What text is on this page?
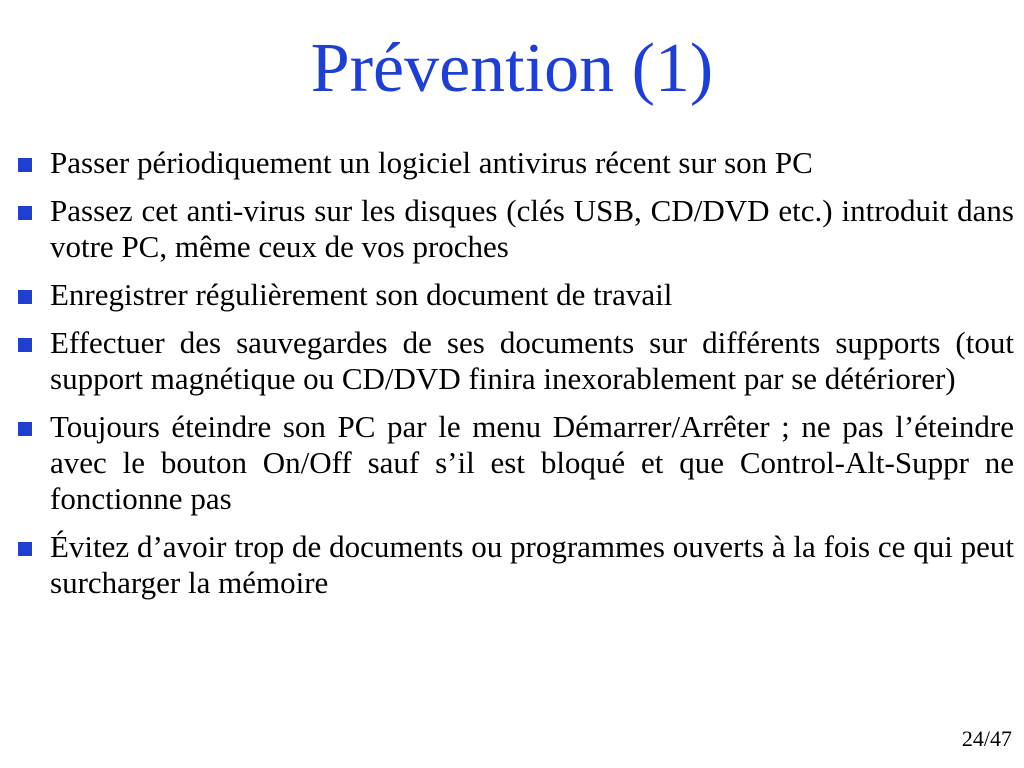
Prévention (1)
Passer périodiquement un logiciel antivirus récent sur son PC
Passez cet anti-virus sur les disques (clés USB, CD/DVD etc.) introduit dans votre PC, même ceux de vos proches
Enregistrer régulièrement son document de travail
Effectuer des sauvegardes de ses documents sur différents supports (tout support magnétique ou CD/DVD finira inexorablement par se détériorer)
Toujours éteindre son PC par le menu Démarrer/Arrêter ; ne pas l’éteindre avec le bouton On/Off sauf s’il est bloqué et que Control-Alt-Suppr ne fonctionne pas
Évitez d’avoir trop de documents ou programmes ouverts à la fois ce qui peut surcharger la mémoire
24/47
